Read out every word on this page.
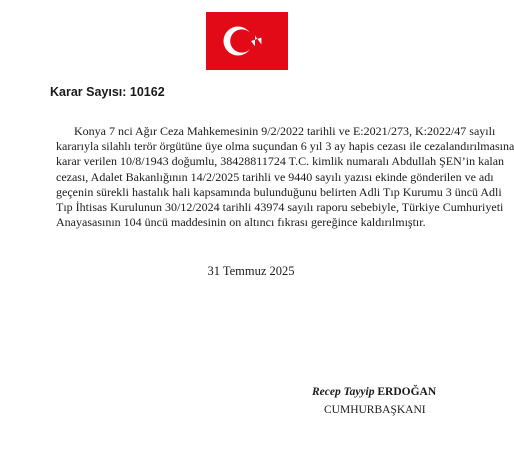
Karar Sayısı: 10162
Konya 7 nci Ağır Ceza Mahkemesinin 9/2/2022 tarihli ve E:2021/273, K:2022/47 sayılı
kararıyla silahlı terör örgütüne üye olma suçundan 6 yıl 3 ay hapis cezası ile cezalandırılmasına
karar verilen 10/8/1943 doğumlu, 38428811724 T.C. kimlik numaralı Abdullah ŞEN’in kalan
cezası, Adalet Bakanlığının 14/2/2025 tarihli ve 9440 sayılı yazısı ekinde gönderilen ve adı
geçenin sürekli hastalık hali kapsamında bulunduğunu belirten Adli Tıp Kurumu 3 üncü Adli
Tıp İhtisas Kurulunun 30/12/2024 tarihli 43974 sayılı raporu sebebiyle, Türkiye Cumhuriyeti
Anayasasının 104 üncü maddesinin on altıncı fıkrası gereğince kaldırılmıştır.
31 Temmuz 2025
Recep Tayyip ERDOĞAN
CUMHURBAŞKANI
